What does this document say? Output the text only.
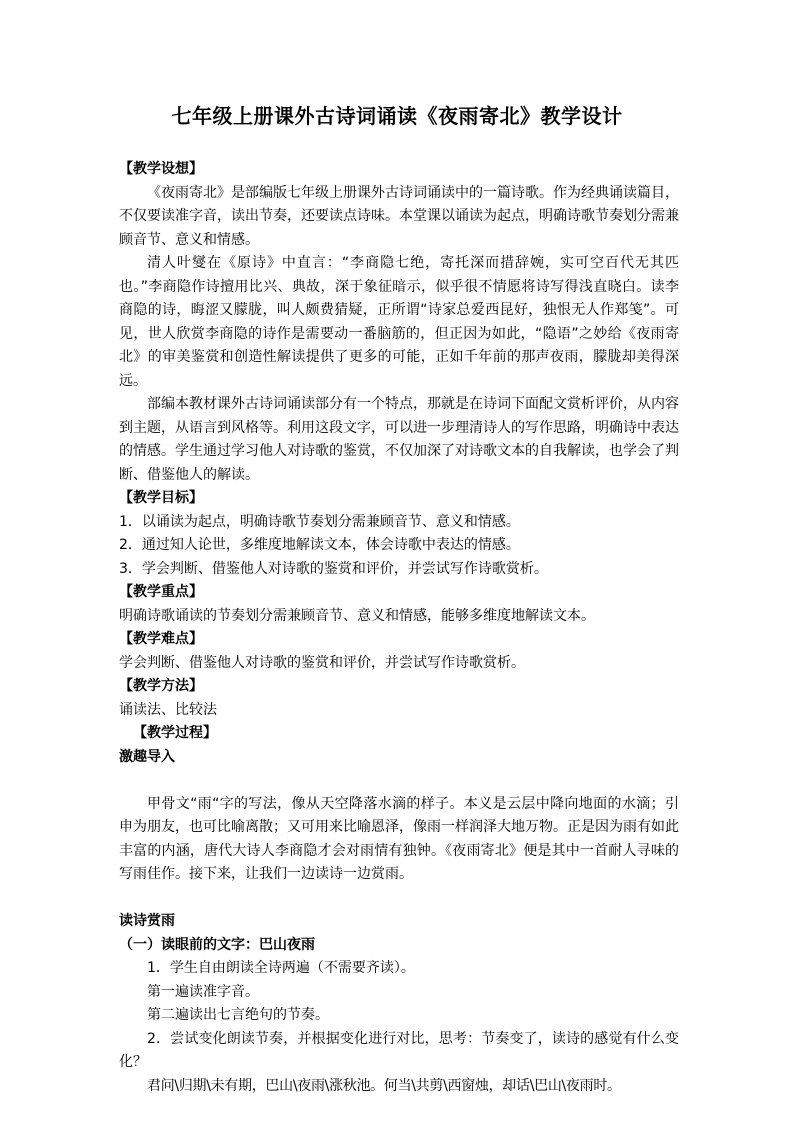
七年级上册课外古诗词诵读《夜雨寄北》教学设计

【教学设想】

《夜雨寄北》是部编版七年级上册课外古诗词诵读中的一篇诗歌。作为经典诵读篇目，不仅要读准字音，读出节奏，还要读点诗味。本堂课以诵读为起点，明确诗歌节奏划分需兼顾音节、意义和情感。

清人叶燮在《原诗》中直言：“李商隐七绝，寄托深而措辞婉，实可空百代无其匹也。”李商隐作诗擅用比兴、典故，深于象征暗示，似乎很不情愿将诗写得浅直晓白。读李商隐的诗，晦涩又朦胧，叫人颇费猜疑，正所谓“诗家总爱西昆好，独恨无人作郑笺”。可见，世人欣赏李商隐的诗作是需要动一番脑筋的，但正因为如此，“隐语”之妙给《夜雨寄北》的审美鉴赏和创造性解读提供了更多的可能，正如千年前的那声夜雨，朦胧却美得深远。

部编本教材课外古诗词诵读部分有一个特点，那就是在诗词下面配文赏析评价，从内容到主题，从语言到风格等。利用这段文字，可以进一步理清诗人的写作思路，明确诗中表达的情感。学生通过学习他人对诗歌的鉴赏，不仅加深了对诗歌文本的自我解读，也学会了判断、借鉴他人的解读。

【教学目标】

1．以诵读为起点，明确诗歌节奏划分需兼顾音节、意义和情感。

2．通过知人论世，多维度地解读文本，体会诗歌中表达的情感。

3．学会判断、借鉴他人对诗歌的鉴赏和评价，并尝试写作诗歌赏析。

【教学重点】

明确诗歌诵读的节奏划分需兼顾音节、意义和情感，能够多维度地解读文本。

【教学难点】

学会判断、借鉴他人对诗歌的鉴赏和评价，并尝试写作诗歌赏析。

【教学方法】

诵读法、比较法

【教学过程】

激趣导入

甲骨文“雨“字的写法，像从天空降落水滴的样子。本义是云层中降向地面的水滴；引申为朋友，也可比喻离散；又可用来比喻恩泽，像雨一样润泽大地万物。正是因为雨有如此丰富的内涵，唐代大诗人李商隐才会对雨情有独钟。《夜雨寄北》便是其中一首耐人寻味的写雨佳作。接下来，让我们一边读诗一边赏雨。

读诗赏雨

（一）读眼前的文字：巴山夜雨

1．学生自由朗读全诗两遍（不需要齐读）。

第一遍读准字音。

第二遍读出七言绝句的节奏。

2．尝试变化朗读节奏，并根据变化进行对比，思考：节奏变了，读诗的感觉有什么变化？

君问\归期\未有期，巴山\夜雨\涨秋池。何当\共剪\西窗烛，却话\巴山\夜雨时。
